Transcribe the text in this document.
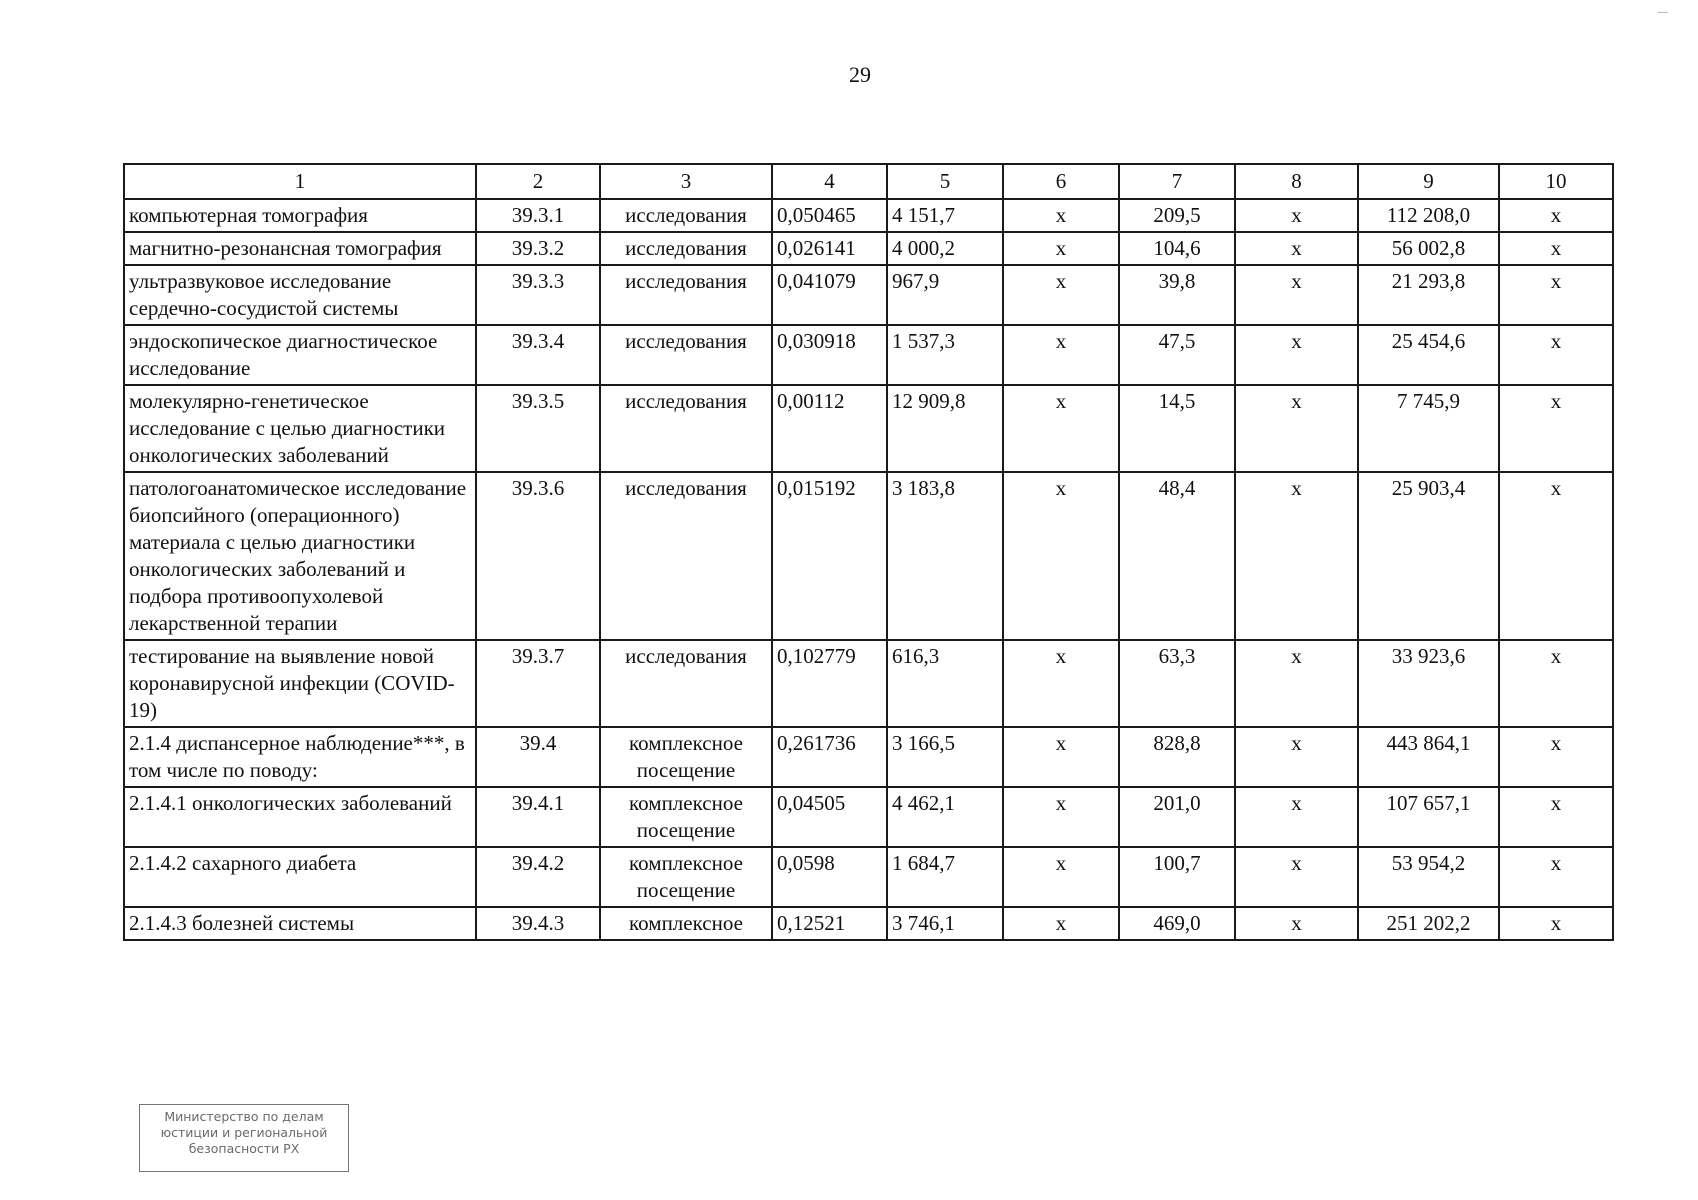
29
1	2	3	4	5	6	7	8	9	10
компьютерная томография	39.3.1	исследования	0,050465	4 151,7	х	209,5	х	112 208,0	х
магнитно-резонансная томография	39.3.2	исследования	0,026141	4 000,2	х	104,6	х	56 002,8	х
ультразвуковое исследование сердечно-сосудистой системы	39.3.3	исследования	0,041079	967,9	х	39,8	х	21 293,8	х
эндоскопическое диагностическое исследование	39.3.4	исследования	0,030918	1 537,3	х	47,5	х	25 454,6	х
молекулярно-генетическое исследование с целью диагностики онкологических заболеваний	39.3.5	исследования	0,00112	12 909,8	х	14,5	х	7 745,9	х
патологоанатомическое исследование биопсийного (операционного) материала с целью диагностики онкологических заболеваний и подбора противоопухолевой лекарственной терапии	39.3.6	исследования	0,015192	3 183,8	х	48,4	х	25 903,4	х
тестирование на выявление новой коронавирусной инфекции (COVID-19)	39.3.7	исследования	0,102779	616,3	х	63,3	х	33 923,6	х
2.1.4 диспансерное наблюдение***, в том числе по поводу:	39.4	комплексное посещение	0,261736	3 166,5	х	828,8	х	443 864,1	х
2.1.4.1 онкологических заболеваний	39.4.1	комплексное посещение	0,04505	4 462,1	х	201,0	х	107 657,1	х
2.1.4.2 сахарного диабета	39.4.2	комплексное посещение	0,0598	1 684,7	х	100,7	х	53 954,2	х
2.1.4.3 болезней системы	39.4.3	комплексное	0,12521	3 746,1	х	469,0	х	251 202,2	х
Министерство по делам
юстиции и региональной
безопасности РХ
